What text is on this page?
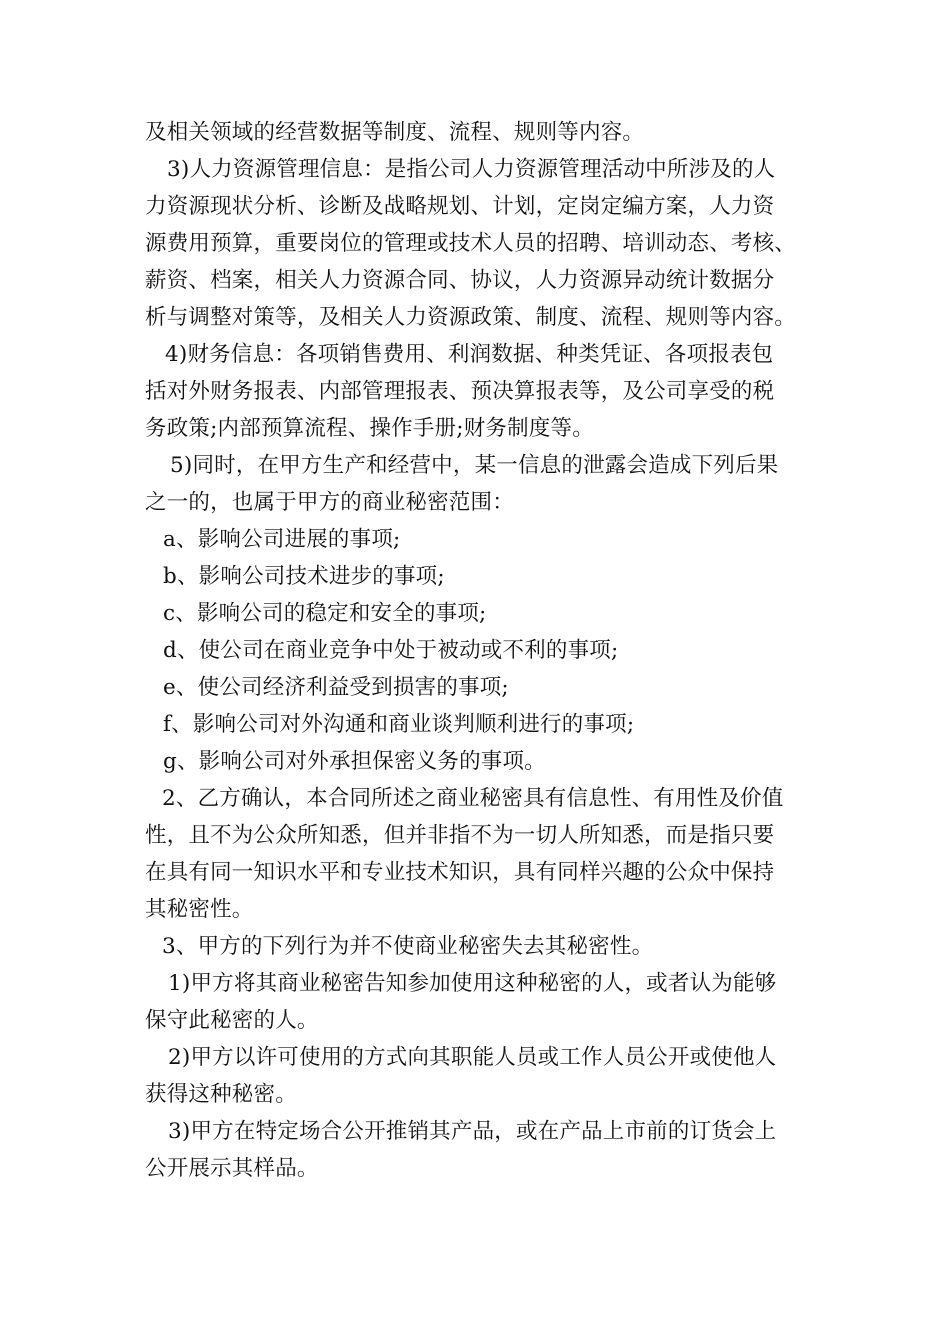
及相关领域的经营数据等制度、流程、规则等内容。
3)人力资源管理信息：是指公司人力资源管理活动中所涉及的人
力资源现状分析、诊断及战略规划、计划，定岗定编方案，人力资
源费用预算，重要岗位的管理或技术人员的招聘、培训动态、考核、
薪资、档案，相关人力资源合同、协议，人力资源异动统计数据分
析与调整对策等，及相关人力资源政策、制度、流程、规则等内容。
4)财务信息：各项销售费用、利润数据、种类凭证、各项报表包
括对外财务报表、内部管理报表、预决算报表等，及公司享受的税
务政策;内部预算流程、操作手册;财务制度等。
5)同时，在甲方生产和经营中，某一信息的泄露会造成下列后果
之一的，也属于甲方的商业秘密范围：
a、影响公司进展的事项;
b、影响公司技术进步的事项;
c、影响公司的稳定和安全的事项;
d、使公司在商业竞争中处于被动或不利的事项;
e、使公司经济利益受到损害的事项;
f、影响公司对外沟通和商业谈判顺利进行的事项;
g、影响公司对外承担保密义务的事项。
2、乙方确认，本合同所述之商业秘密具有信息性、有用性及价值
性，且不为公众所知悉，但并非指不为一切人所知悉，而是指只要
在具有同一知识水平和专业技术知识，具有同样兴趣的公众中保持
其秘密性。
3、甲方的下列行为并不使商业秘密失去其秘密性。
1)甲方将其商业秘密告知参加使用这种秘密的人，或者认为能够
保守此秘密的人。
2)甲方以许可使用的方式向其职能人员或工作人员公开或使他人
获得这种秘密。
3)甲方在特定场合公开推销其产品，或在产品上市前的订货会上
公开展示其样品。
